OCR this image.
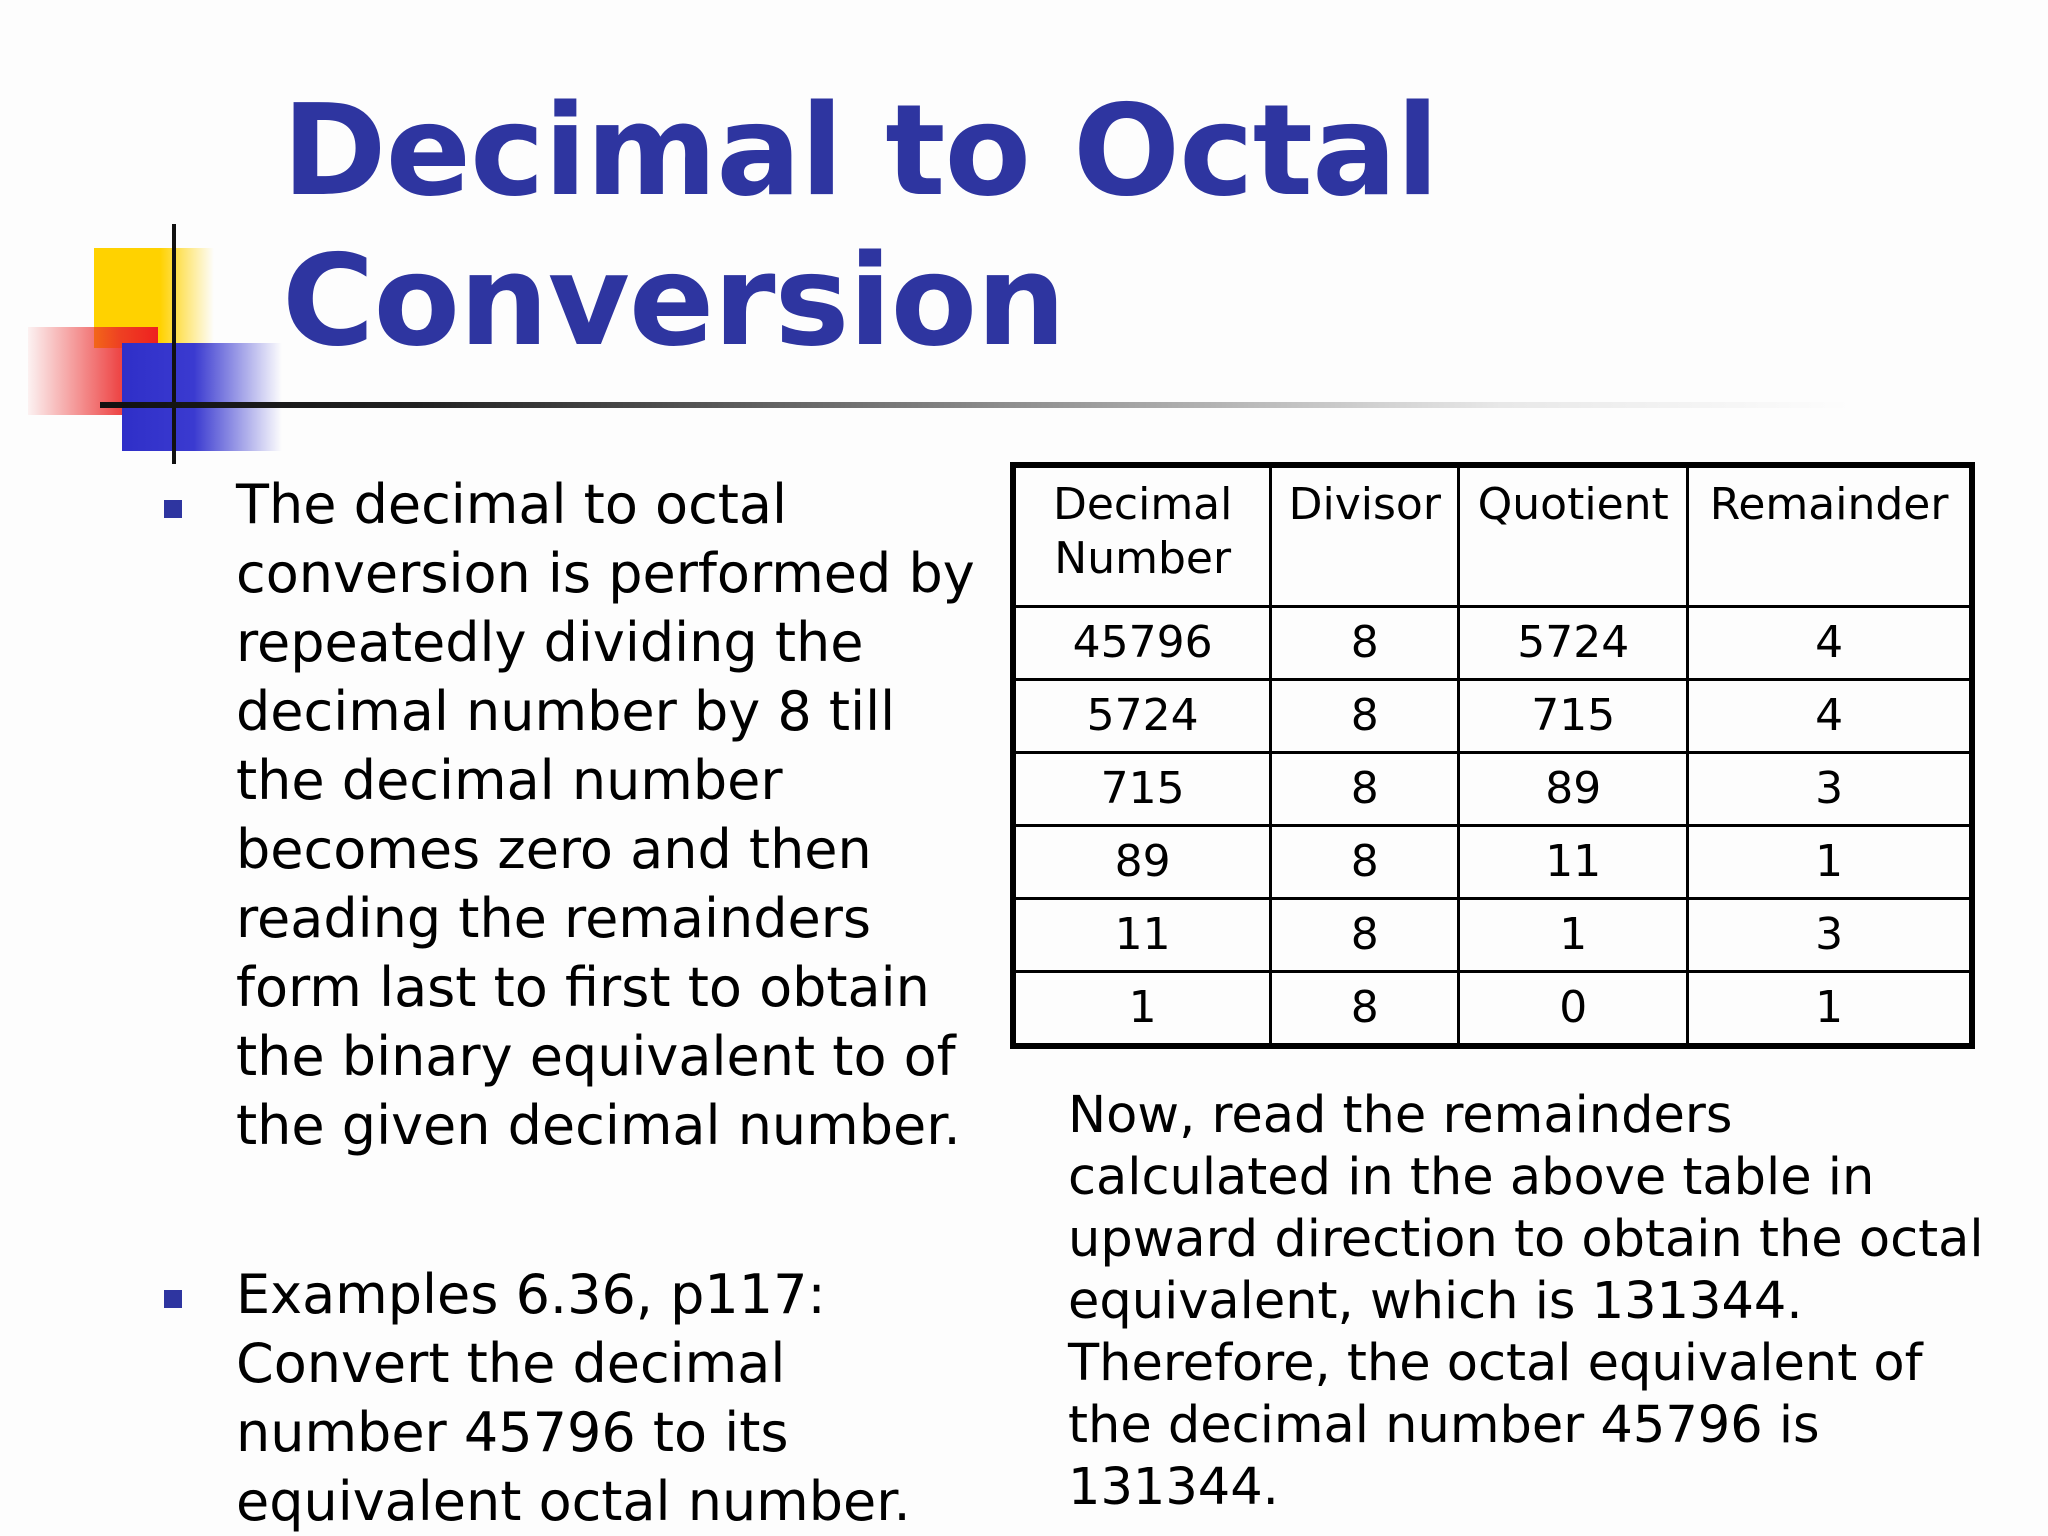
Decimal to Octal
Conversion
The decimal to octal conversion is performed by repeatedly dividing the decimal number by 8 till the decimal number becomes zero and then reading the remainders form last to first to obtain the binary equivalent to of the given decimal number.
Examples 6.36, p117: Convert the decimal number 45796 to its equivalent octal number.
Decimal Number	Divisor	Quotient	Remainder
45796	8	5724	4
5724	8	715	4
715	8	89	3
89	8	11	1
11	8	1	3
1	8	0	1

Now, read the remainders calculated in the above table in upward direction to obtain the octal equivalent, which is 131344. Therefore, the octal equivalent of the decimal number 45796 is 131344.
